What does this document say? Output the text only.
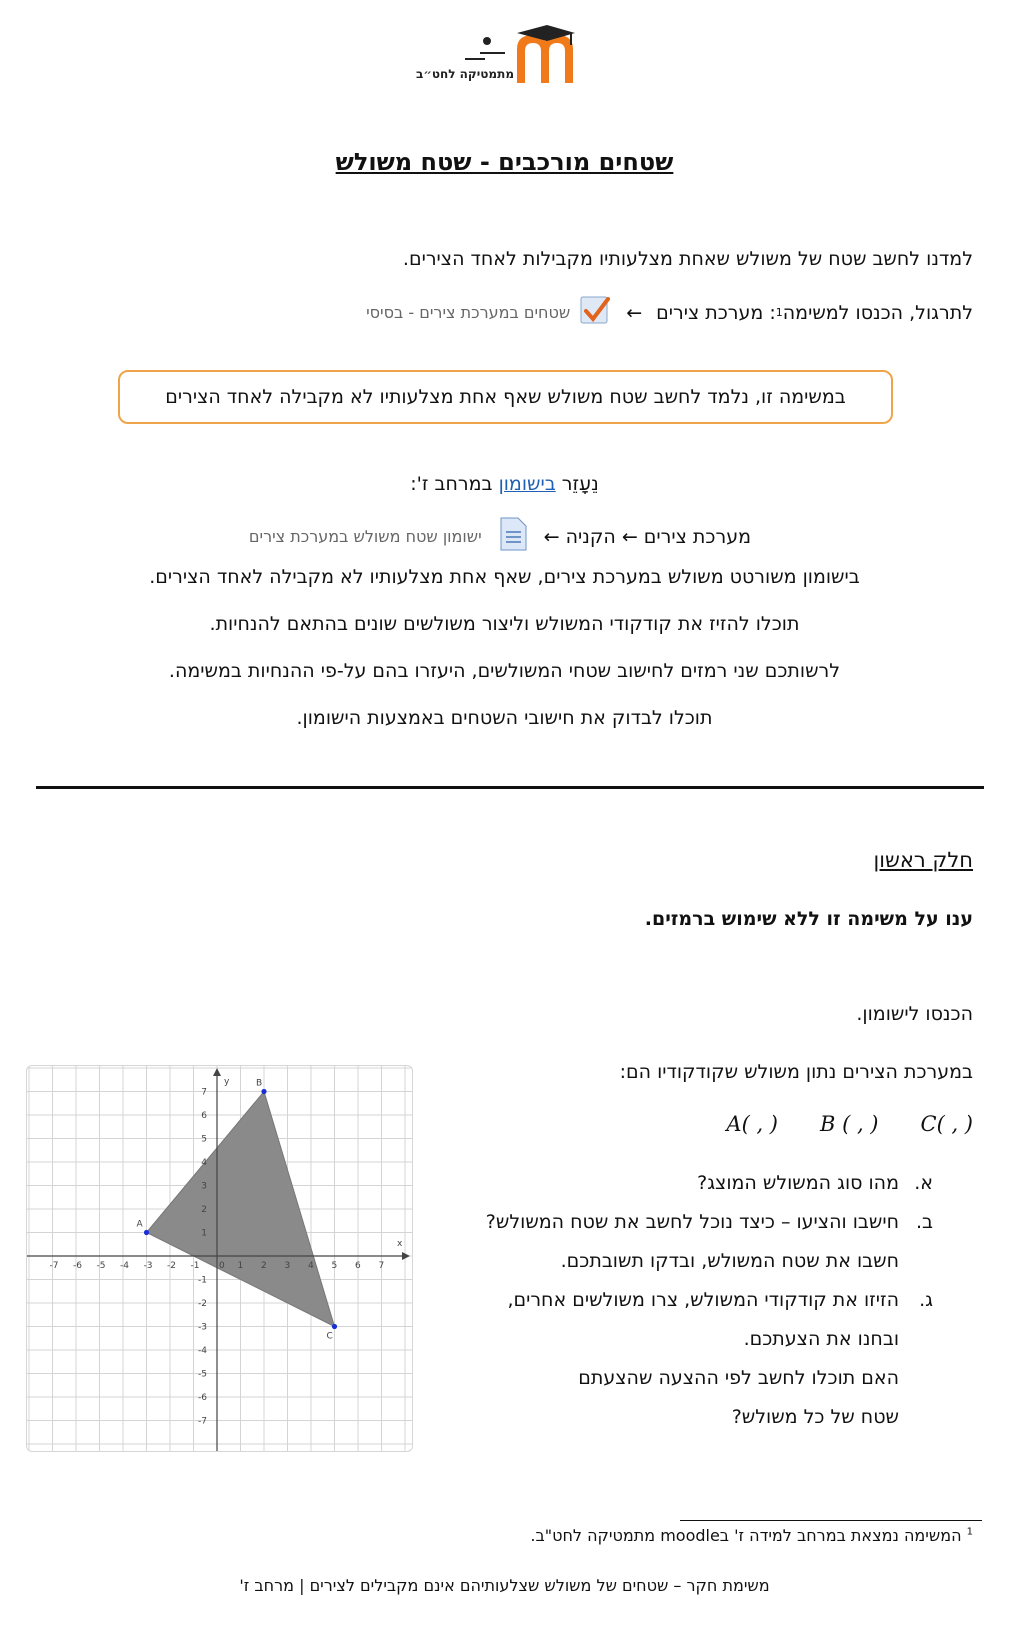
מתמטיקה לחט״ב
שטחים מורכבים - שטח משולש
למדנו לחשב שטח של משולש שאחת מצלעותיו מקבילות לאחד הצירים.
לתרגול, הכנסו למשימה
1
: מערכת צירים
←
שטחים במערכת צירים - בסיסי
במשימה זו, נלמד לחשב שטח משולש שאף אחת מצלעותיו לא מקבילה לאחד הצירים
נֵעָזֵר בישומון במרחב ז':
מערכת צירים ← הקניה ←
ישומון שטח משולש במערכת צירים
בישומון משורטט משולש במערכת צירים, שאף אחת מצלעותיו לא מקבילה לאחד הצירים.
תוכלו להזיז את קודקודי המשולש וליצור משולשים שונים בהתאם להנחיות.
לרשותכם שני רמזים לחישוב שטחי המשולשים, היעזרו בהם על-פי ההנחיות במשימה.
תוכלו לבדוק את חישובי השטחים באמצעות הישומון.
חלק ראשון
ענו על משימה זו ללא שימוש ברמזים.
הכנסו לישומון.
במערכת הצירים נתון משולש שקודקודיו הם:
C( , )
B ( , )
A( , )
א.
מהו סוג המשולש המוצג?
ב.
חישבו והציעו – כיצד נוכל לחשב את שטח המשולש?
חשבו את שטח המשולש, ובדקו תשובתכם.
ג.
הזיזו את קודקודי המשולש, צרו משולשים אחרים,
ובחנו את הצעתכם.
האם תוכלו לחשב לפי ההצעה שהצעתם
שטח של כל משולש?
x
y
-7 -6 -5 -4 -3 -2 -1 0 1 2 3 4 5 6 7
7
6
5
4
3
2
1
-1
-2
-3
-4
-5
-6
-7
A
B
C
$^1$ המשימה נמצאת במרחב למידה ז' בmoodle מתמטיקה לחט"ב.
משימת חקר – שטחים של משולש שצלעותיהם אינם מקבילים לצירים | מרחב ז'
